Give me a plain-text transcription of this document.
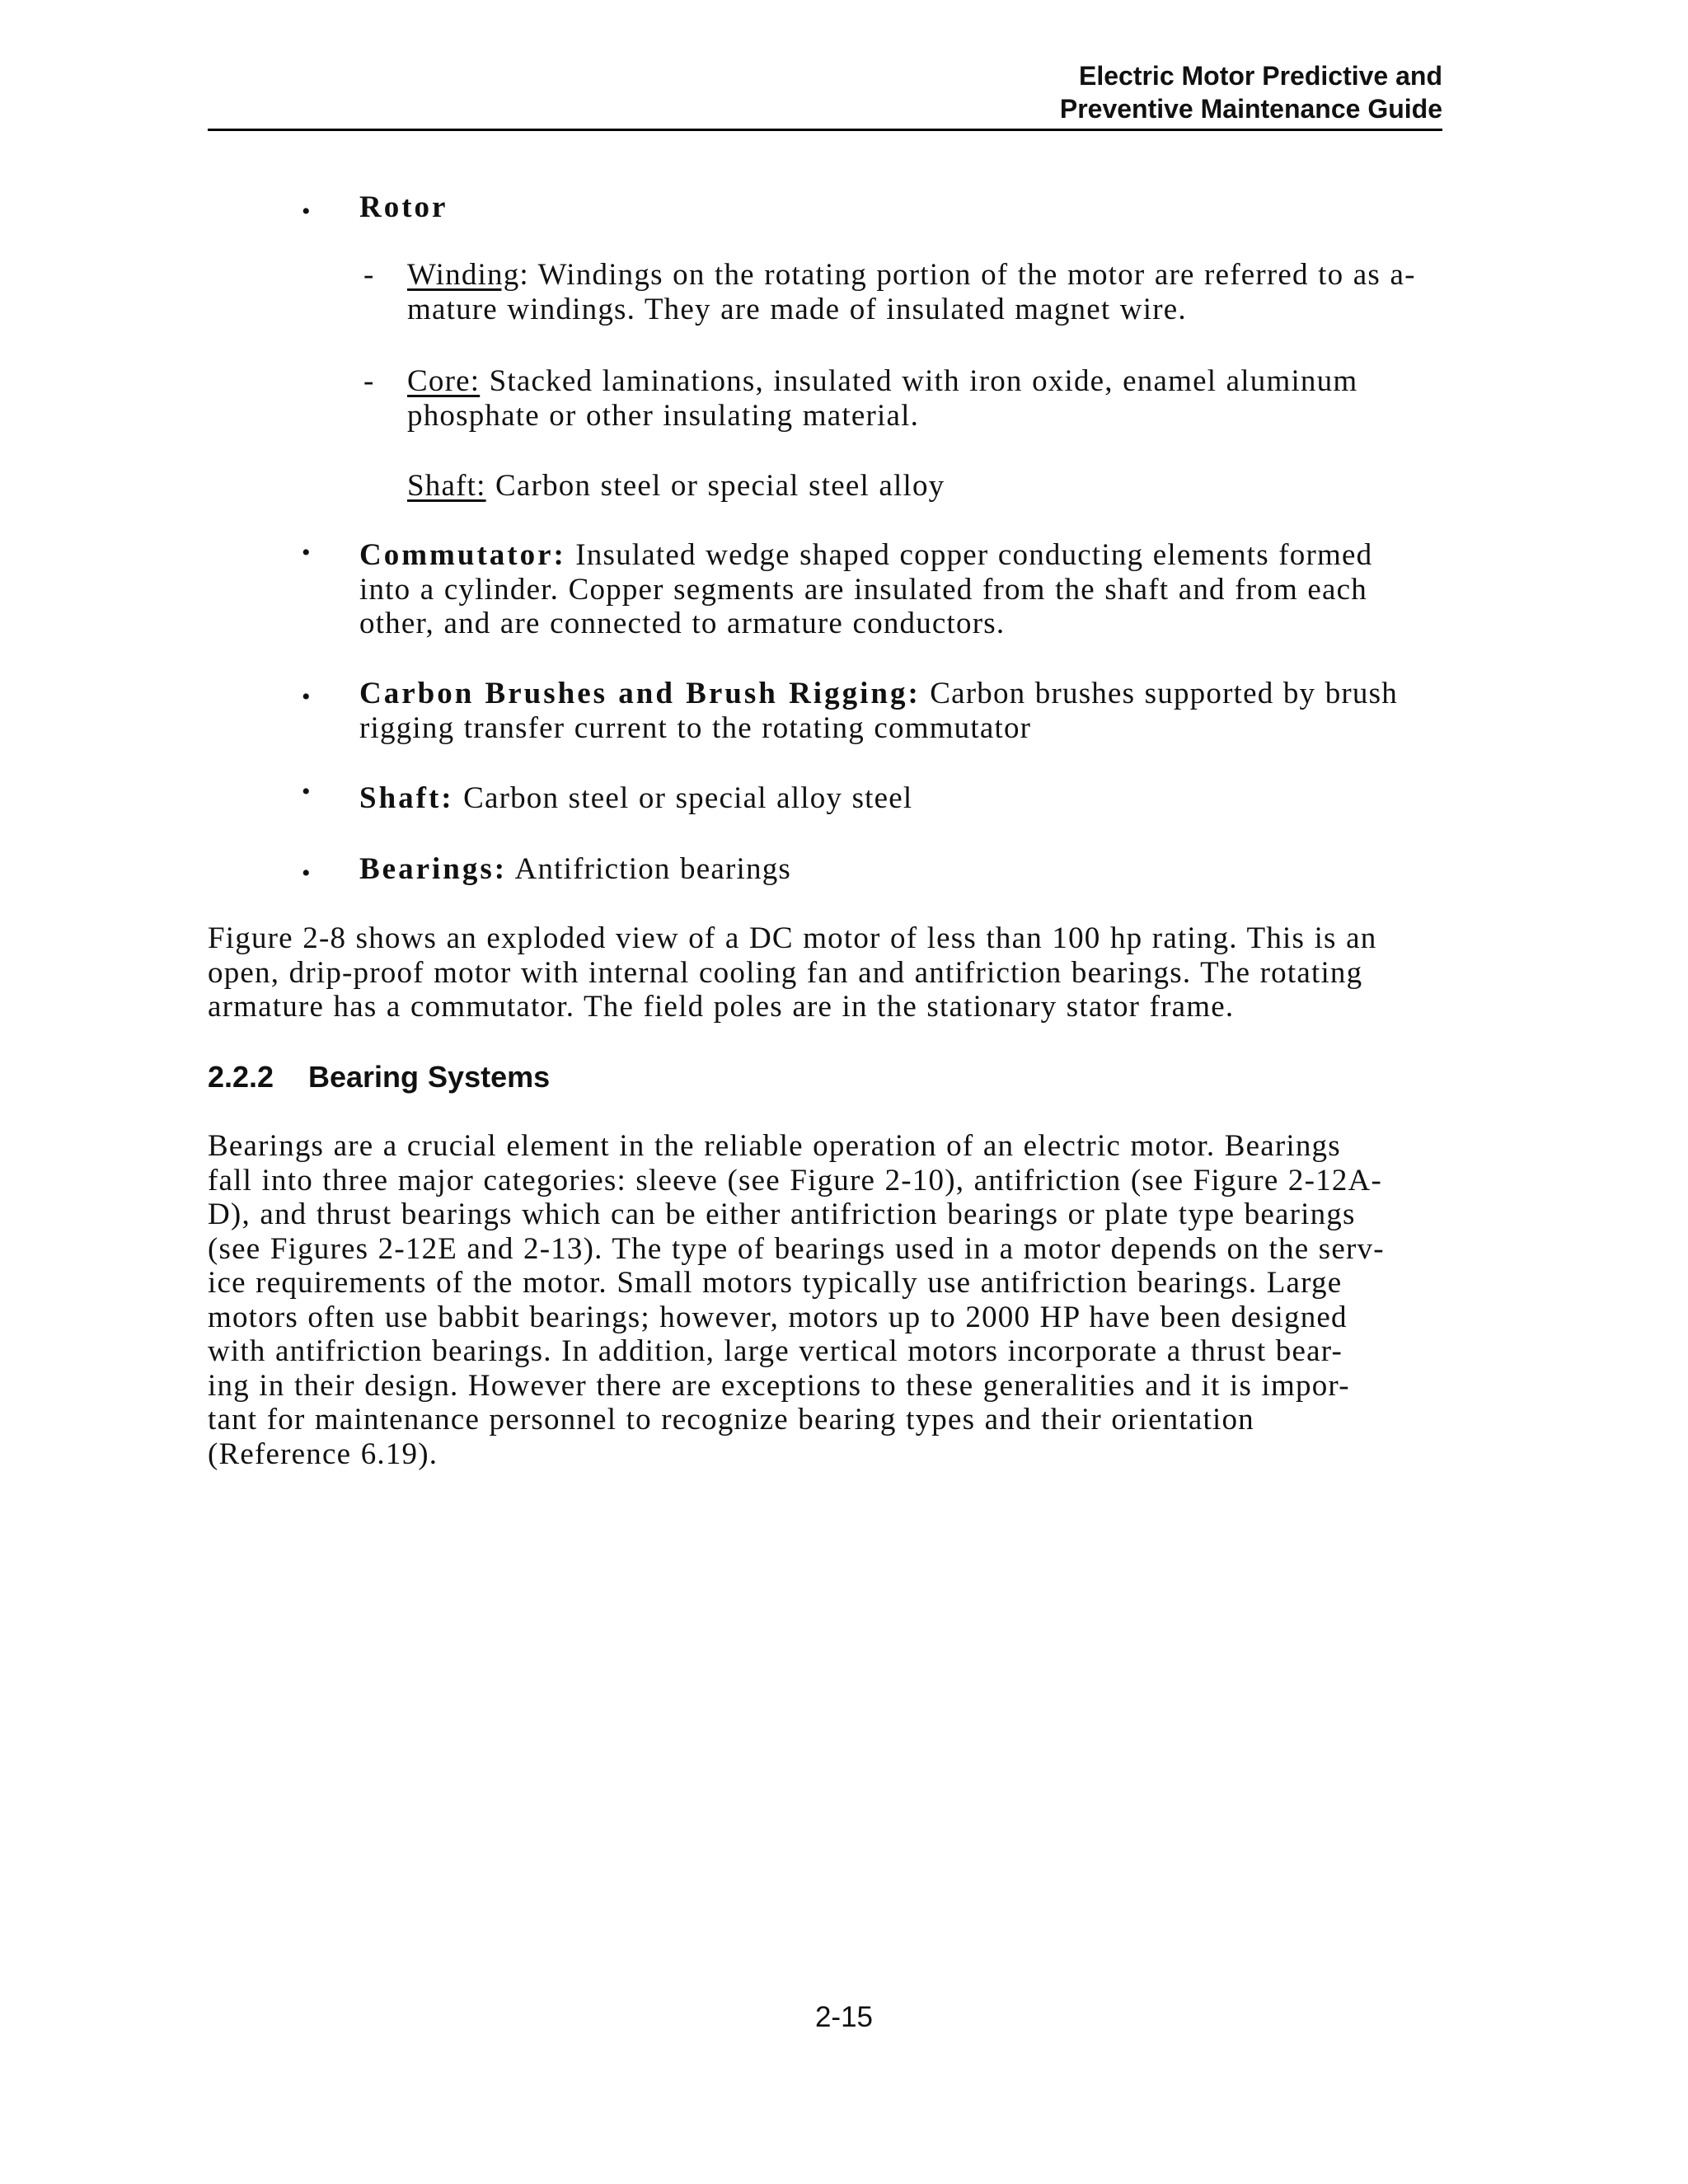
Electric Motor Predictive and
Preventive Maintenance Guide
• Rotor
- Winding: Windings on the rotating portion of the motor are referred to as a-
mature windings. They are made of insulated magnet wire.
- Core: Stacked laminations, insulated with iron oxide, enamel aluminum
phosphate or other insulating material.
Shaft: Carbon steel or special steel alloy
• Commutator: Insulated wedge shaped copper conducting elements formed
into a cylinder. Copper segments are insulated from the shaft and from each
other, and are connected to armature conductors.
• Carbon Brushes and Brush Rigging: Carbon brushes supported by brush
rigging transfer current to the rotating commutator
• Shaft: Carbon steel or special alloy steel
• Bearings: Antifriction bearings
Figure 2-8 shows an exploded view of a DC motor of less than 100 hp rating. This is an
open, drip-proof motor with internal cooling fan and antifriction bearings. The rotating
armature has a commutator. The field poles are in the stationary stator frame.
2.2.2 Bearing Systems
Bearings are a crucial element in the reliable operation of an electric motor. Bearings
fall into three major categories: sleeve (see Figure 2-10), antifriction (see Figure 2-12A-
D), and thrust bearings which can be either antifriction bearings or plate type bearings
(see Figures 2-12E and 2-13). The type of bearings used in a motor depends on the serv-
ice requirements of the motor. Small motors typically use antifriction bearings. Large
motors often use babbit bearings; however, motors up to 2000 HP have been designed
with antifriction bearings. In addition, large vertical motors incorporate a thrust bear-
ing in their design. However there are exceptions to these generalities and it is impor-
tant for maintenance personnel to recognize bearing types and their orientation
(Reference 6.19).
2-15
